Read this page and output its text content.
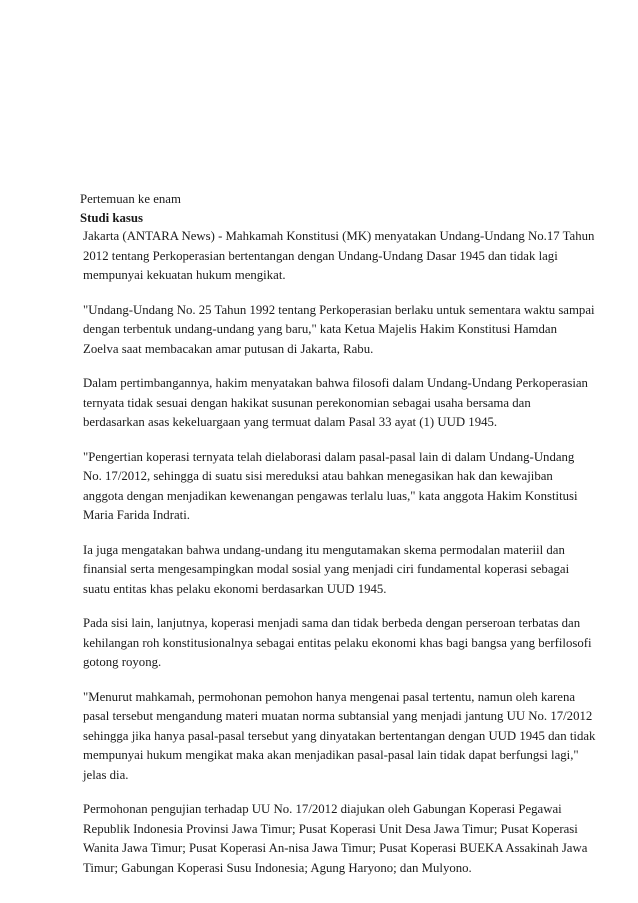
Pertemuan ke enam
Studi kasus
Jakarta (ANTARA News) - Mahkamah Konstitusi (MK) menyatakan Undang-Undang No.17 Tahun
2012 tentang Perkoperasian bertentangan dengan Undang-Undang Dasar 1945 dan tidak lagi
mempunyai kekuatan hukum mengikat.
"Undang-Undang No. 25 Tahun 1992 tentang Perkoperasian berlaku untuk sementara waktu sampai
dengan terbentuk undang-undang yang baru," kata Ketua Majelis Hakim Konstitusi Hamdan
Zoelva saat membacakan amar putusan di Jakarta, Rabu.
Dalam pertimbangannya, hakim menyatakan bahwa filosofi dalam Undang-Undang Perkoperasian
ternyata tidak sesuai dengan hakikat susunan perekonomian sebagai usaha bersama dan
berdasarkan asas kekeluargaan yang termuat dalam Pasal 33 ayat (1) UUD 1945.
"Pengertian koperasi ternyata telah dielaborasi dalam pasal-pasal lain di dalam Undang-Undang
No. 17/2012, sehingga di suatu sisi mereduksi atau bahkan menegasikan hak dan kewajiban
anggota dengan menjadikan kewenangan pengawas terlalu luas," kata anggota Hakim Konstitusi
Maria Farida Indrati.
Ia juga mengatakan bahwa undang-undang itu mengutamakan skema permodalan materiil dan
finansial serta mengesampingkan modal sosial yang menjadi ciri fundamental koperasi sebagai
suatu entitas khas pelaku ekonomi berdasarkan UUD 1945.
Pada sisi lain, lanjutnya, koperasi menjadi sama dan tidak berbeda dengan perseroan terbatas dan
kehilangan roh konstitusionalnya sebagai entitas pelaku ekonomi khas bagi bangsa yang berfilosofi
gotong royong.
"Menurut mahkamah, permohonan pemohon hanya mengenai pasal tertentu, namun oleh karena
pasal tersebut mengandung materi muatan norma subtansial yang menjadi jantung UU No. 17/2012
sehingga jika hanya pasal-pasal tersebut yang dinyatakan bertentangan dengan UUD 1945 dan tidak
mempunyai hukum mengikat maka akan menjadikan pasal-pasal lain tidak dapat berfungsi lagi,"
jelas dia.
Permohonan pengujian terhadap UU No. 17/2012 diajukan oleh Gabungan Koperasi Pegawai
Republik Indonesia Provinsi Jawa Timur; Pusat Koperasi Unit Desa Jawa Timur; Pusat Koperasi
Wanita Jawa Timur; Pusat Koperasi An-nisa Jawa Timur; Pusat Koperasi BUEKA Assakinah Jawa
Timur; Gabungan Koperasi Susu Indonesia; Agung Haryono; dan Mulyono.
